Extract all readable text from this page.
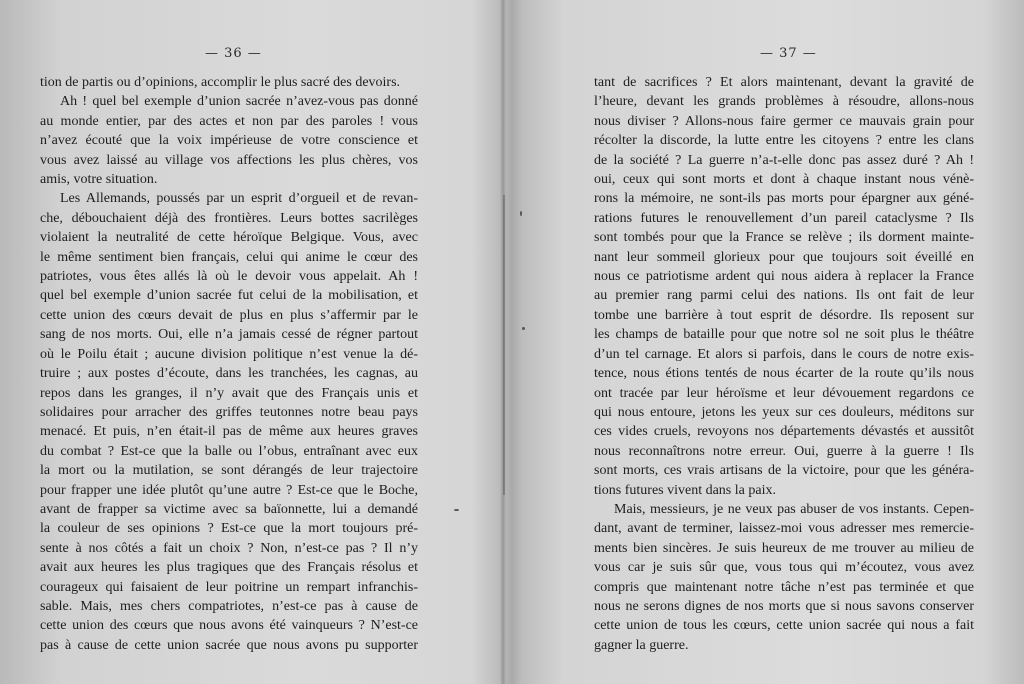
— 36 —
tion de partis ou d’opinions, accomplir le plus sacré des devoirs.
Ah ! quel bel exemple d’union sacrée n’avez-vous pas donné
au monde entier, par des actes et non par des paroles ! vous
n’avez écouté que la voix impérieuse de votre conscience et
vous avez laissé au village vos affections les plus chères, vos
amis, votre situation.
Les Allemands, poussés par un esprit d’orgueil et de revan-
che, débouchaient déjà des frontières. Leurs bottes sacrilèges
violaient la neutralité de cette héroïque Belgique. Vous, avec
le même sentiment bien français, celui qui anime le cœur des
patriotes, vous êtes allés là où le devoir vous appelait. Ah !
quel bel exemple d’union sacrée fut celui de la mobilisation, et
cette union des cœurs devait de plus en plus s’affermir par le
sang de nos morts. Oui, elle n’a jamais cessé de régner partout
où le Poilu était ; aucune division politique n’est venue la dé-
truire ; aux postes d’écoute, dans les tranchées, les cagnas, au
repos dans les granges, il n’y avait que des Français unis et
solidaires pour arracher des griffes teutonnes notre beau pays
menacé. Et puis, n’en était-il pas de même aux heures graves
du combat ? Est-ce que la balle ou l’obus, entraînant avec eux
la mort ou la mutilation, se sont dérangés de leur trajectoire
pour frapper une idée plutôt qu’une autre ? Est-ce que le Boche,
avant de frapper sa victime avec sa baïonnette, lui a demandé
la couleur de ses opinions ? Est-ce que la mort toujours pré-
sente à nos côtés a fait un choix ? Non, n’est-ce pas ? Il n’y
avait aux heures les plus tragiques que des Français résolus et
courageux qui faisaient de leur poitrine un rempart infranchis-
sable. Mais, mes chers compatriotes, n’est-ce pas à cause de
cette union des cœurs que nous avons été vainqueurs ? N’est-ce
pas à cause de cette union sacrée que nous avons pu supporter
— 37 —
tant de sacrifices ? Et alors maintenant, devant la gravité de
l’heure, devant les grands problèmes à résoudre, allons-nous
nous diviser ? Allons-nous faire germer ce mauvais grain pour
récolter la discorde, la lutte entre les citoyens ? entre les clans
de la société ? La guerre n’a-t-elle donc pas assez duré ? Ah !
oui, ceux qui sont morts et dont à chaque instant nous vénè-
rons la mémoire, ne sont-ils pas morts pour épargner aux géné-
rations futures le renouvellement d’un pareil cataclysme ? Ils
sont tombés pour que la France se relève ; ils dorment mainte-
nant leur sommeil glorieux pour que toujours soit éveillé en
nous ce patriotisme ardent qui nous aidera à replacer la France
au premier rang parmi celui des nations. Ils ont fait de leur
tombe une barrière à tout esprit de désordre. Ils reposent sur
les champs de bataille pour que notre sol ne soit plus le théâtre
d’un tel carnage. Et alors si parfois, dans le cours de notre exis-
tence, nous étions tentés de nous écarter de la route qu’ils nous
ont tracée par leur héroïsme et leur dévouement regardons ce
qui nous entoure, jetons les yeux sur ces douleurs, méditons sur
ces vides cruels, revoyons nos départements dévastés et aussitôt
nous reconnaîtrons notre erreur. Oui, guerre à la guerre ! Ils
sont morts, ces vrais artisans de la victoire, pour que les généra-
tions futures vivent dans la paix.
Mais, messieurs, je ne veux pas abuser de vos instants. Cepen-
dant, avant de terminer, laissez-moi vous adresser mes remercie-
ments bien sincères. Je suis heureux de me trouver au milieu de
vous car je suis sûr que, vous tous qui m’écoutez, vous avez
compris que maintenant notre tâche n’est pas terminée et que
nous ne serons dignes de nos morts que si nous savons conserver
cette union de tous les cœurs, cette union sacrée qui nous a fait
gagner la guerre.
